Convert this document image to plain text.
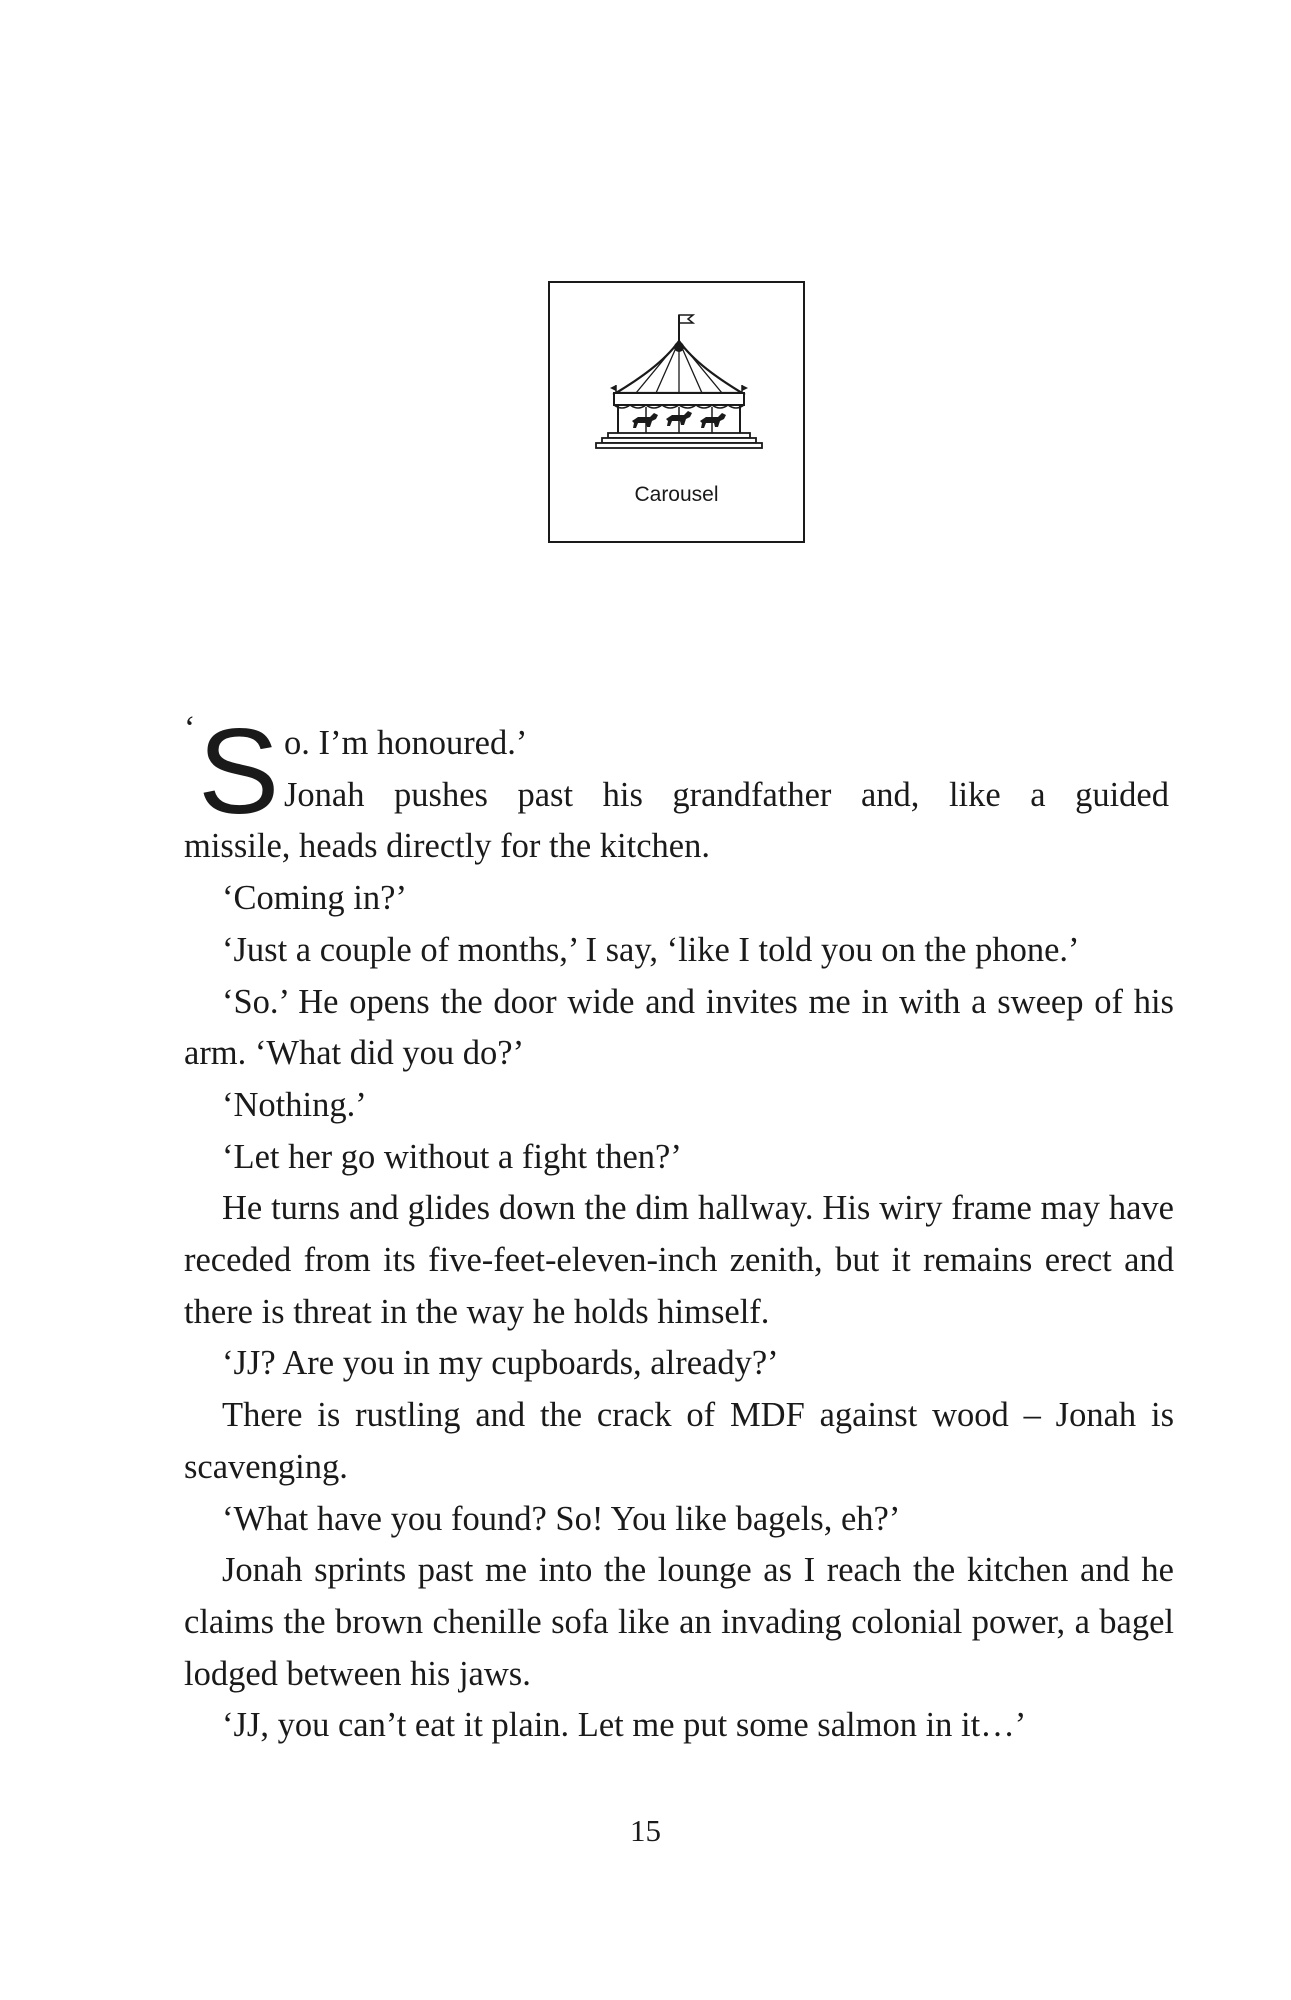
Carousel
‘ S o. I’m honoured.’
Jonah pushes past his grandfather and, like a guided
missile, heads directly for the kitchen.

‘Coming in?’

‘Just a couple of months,’ I say, ‘like I told you on the phone.’

‘So.’ He opens the door wide and invites me in with a sweep of his arm. ‘What did you do?’

‘Nothing.’

‘Let her go without a fight then?’

He turns and glides down the dim hallway. His wiry frame may have receded from its five-feet-eleven-inch zenith, but it remains erect and there is threat in the way he holds himself.

‘JJ? Are you in my cupboards, already?’

There is rustling and the crack of MDF against wood – Jonah is scavenging.

‘What have you found? So! You like bagels, eh?’

Jonah sprints past me into the lounge as I reach the kitchen and he claims the brown chenille sofa like an invading colonial power, a bagel lodged between his jaws.

‘JJ, you can’t eat it plain. Let me put some salmon in it…’

15
